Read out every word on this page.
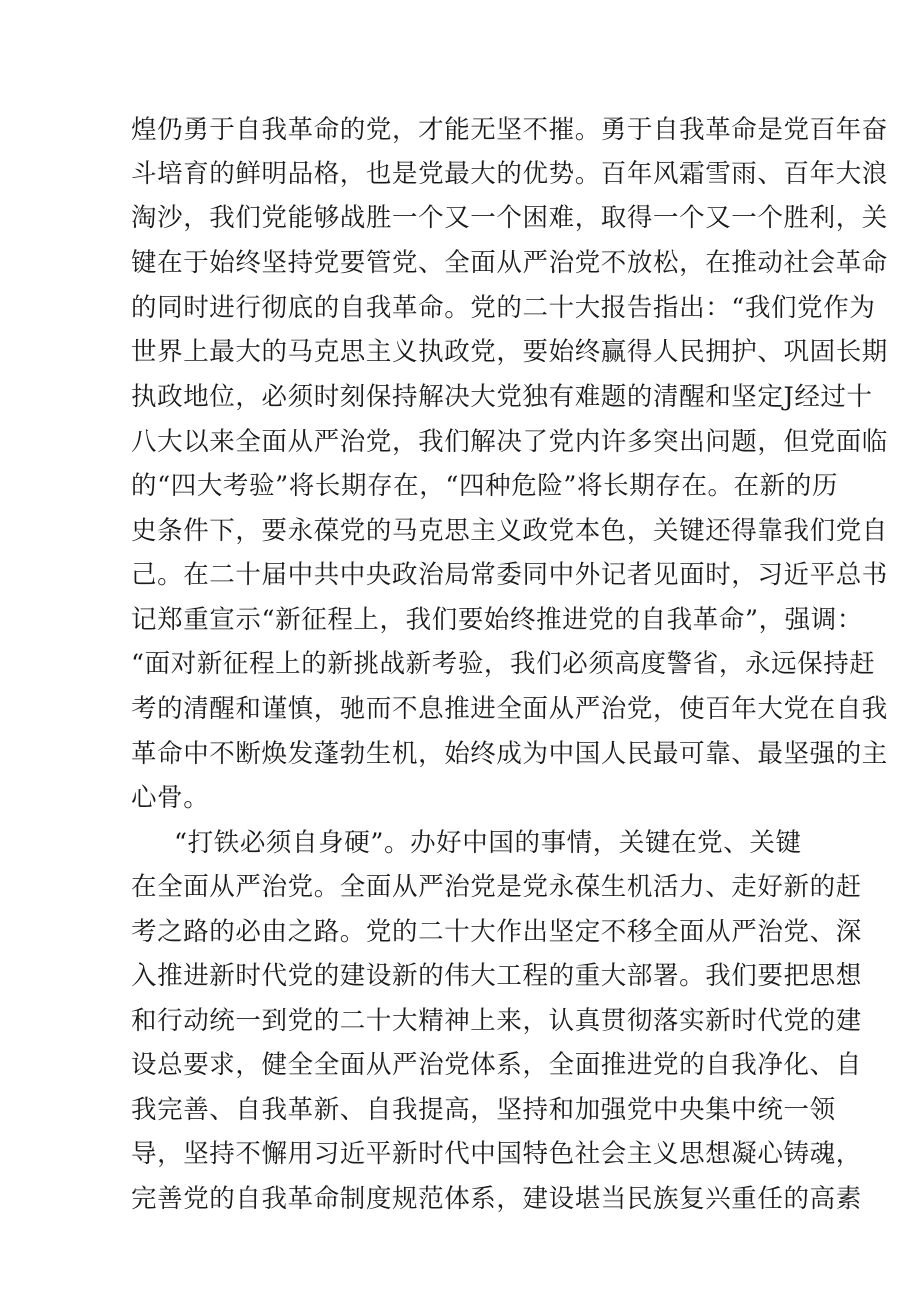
煌仍勇于自我革命的党，才能无坚不摧。勇于自我革命是党百年奋
斗培育的鲜明品格，也是党最大的优势。百年风霜雪雨、百年大浪
淘沙，我们党能够战胜一个又一个困难，取得一个又一个胜利，关
键在于始终坚持党要管党、全面从严治党不放松，在推动社会革命
的同时进行彻底的自我革命。党的二十大报告指出：“我们党作为
世界上最大的马克思主义执政党，要始终赢得人民拥护、巩固长期
执政地位，必须时刻保持解决大党独有难题的清醒和坚定J经过十
八大以来全面从严治党，我们解决了党内许多突出问题，但党面临
的“四大考验”将长期存在，“四种危险”将长期存在。在新的历
史条件下，要永葆党的马克思主义政党本色，关键还得靠我们党自
己。在二十届中共中央政治局常委同中外记者见面时，习近平总书
记郑重宣示“新征程上，我们要始终推进党的自我革命”，强调：
“面对新征程上的新挑战新考验，我们必须高度警省，永远保持赶
考的清醒和谨慎，驰而不息推进全面从严治党，使百年大党在自我
革命中不断焕发蓬勃生机，始终成为中国人民最可靠、最坚强的主
心骨。
“打铁必须自身硬”。办好中国的事情，关键在党、关键
在全面从严治党。全面从严治党是党永葆生机活力、走好新的赶
考之路的必由之路。党的二十大作出坚定不移全面从严治党、深
入推进新时代党的建设新的伟大工程的重大部署。我们要把思想
和行动统一到党的二十大精神上来，认真贯彻落实新时代党的建
设总要求，健全全面从严治党体系，全面推进党的自我净化、自
我完善、自我革新、自我提高，坚持和加强党中央集中统一领
导，坚持不懈用习近平新时代中国特色社会主义思想凝心铸魂，
完善党的自我革命制度规范体系，建设堪当民族复兴重任的高素
